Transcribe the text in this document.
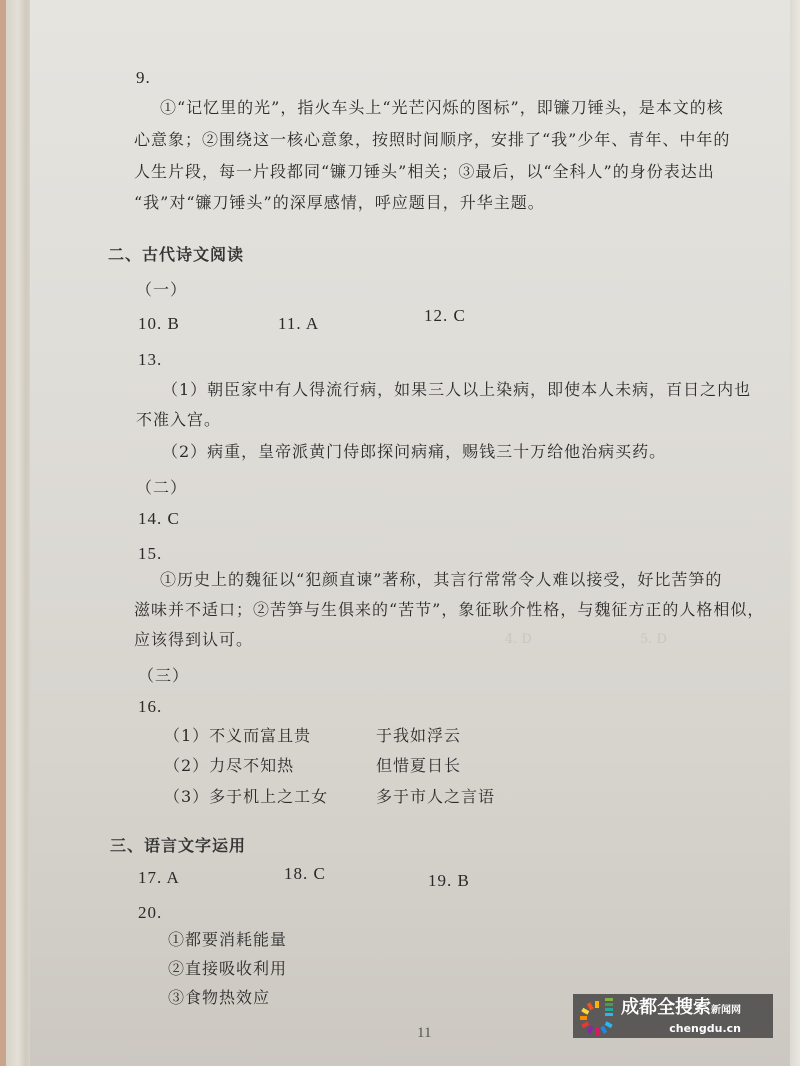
5. D
4. D
9.
①“记忆里的光”，指火车头上“光芒闪烁的图标”，即镰刀锤头，是本文的核
心意象；②围绕这一核心意象，按照时间顺序，安排了“我”少年、青年、中年的
人生片段，每一片段都同“镰刀锤头”相关；③最后，以“全科人”的身份表达出
“我”对“镰刀锤头”的深厚感情，呼应题目，升华主题。
二、古代诗文阅读
（一）
10. B	11. A	12. C
13.
（1）朝臣家中有人得流行病，如果三人以上染病，即使本人未病，百日之内也
不准入宫。
（2）病重，皇帝派黄门侍郎探问病痛，赐钱三十万给他治病买药。
（二）
14. C
15.
①历史上的魏征以“犯颜直谏”著称，其言行常常令人难以接受，好比苦笋的
滋味并不适口；②苦笋与生俱来的“苦节”，象征耿介性格，与魏征方正的人格相似，
应该得到认可。
（三）
16.
（1）不义而富且贵	于我如浮云
（2）力尽不知热	但惜夏日长
（3）多于机上之工女	多于市人之言语
三、语言文字运用
17. A	18. C	19. B
20.
①都要消耗能量
②直接吸收利用
③食物热效应
11
成都全搜索新闻网
chengdu.cn
